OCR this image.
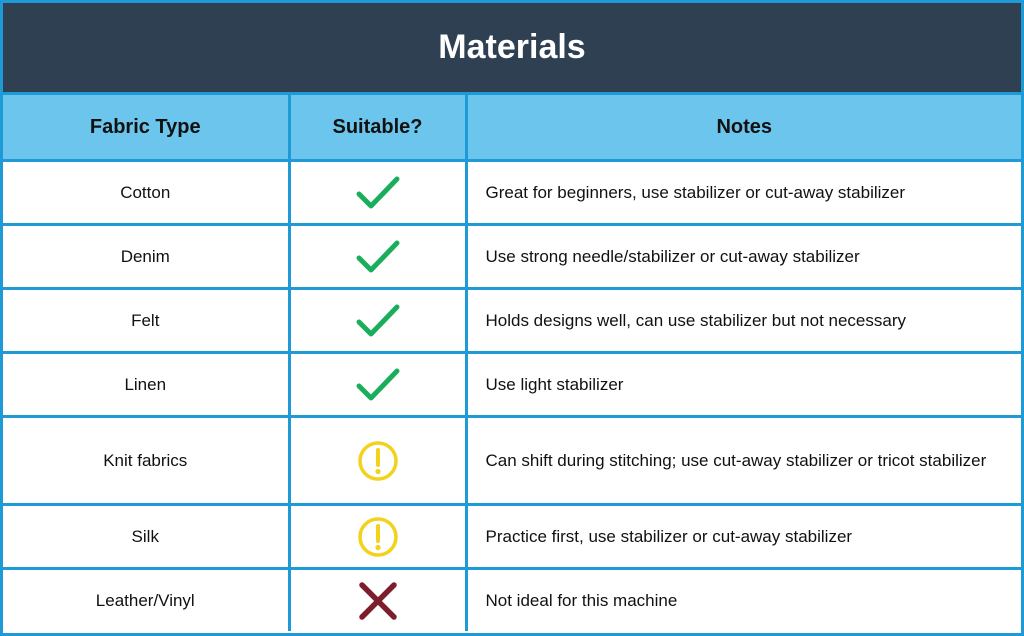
Materials
Fabric Type	Suitable?	Notes
Cotton		Great for beginners, use stabilizer or cut-away stabilizer
Denim		Use strong needle/stabilizer or cut-away stabilizer
Felt		Holds designs well, can use stabilizer but not necessary
Linen		Use light stabilizer
Knit fabrics		Can shift during stitching; use cut-away stabilizer or tricot stabilizer
Silk		Practice first, use stabilizer or cut-away stabilizer
Leather/Vinyl		Not ideal for this machine
